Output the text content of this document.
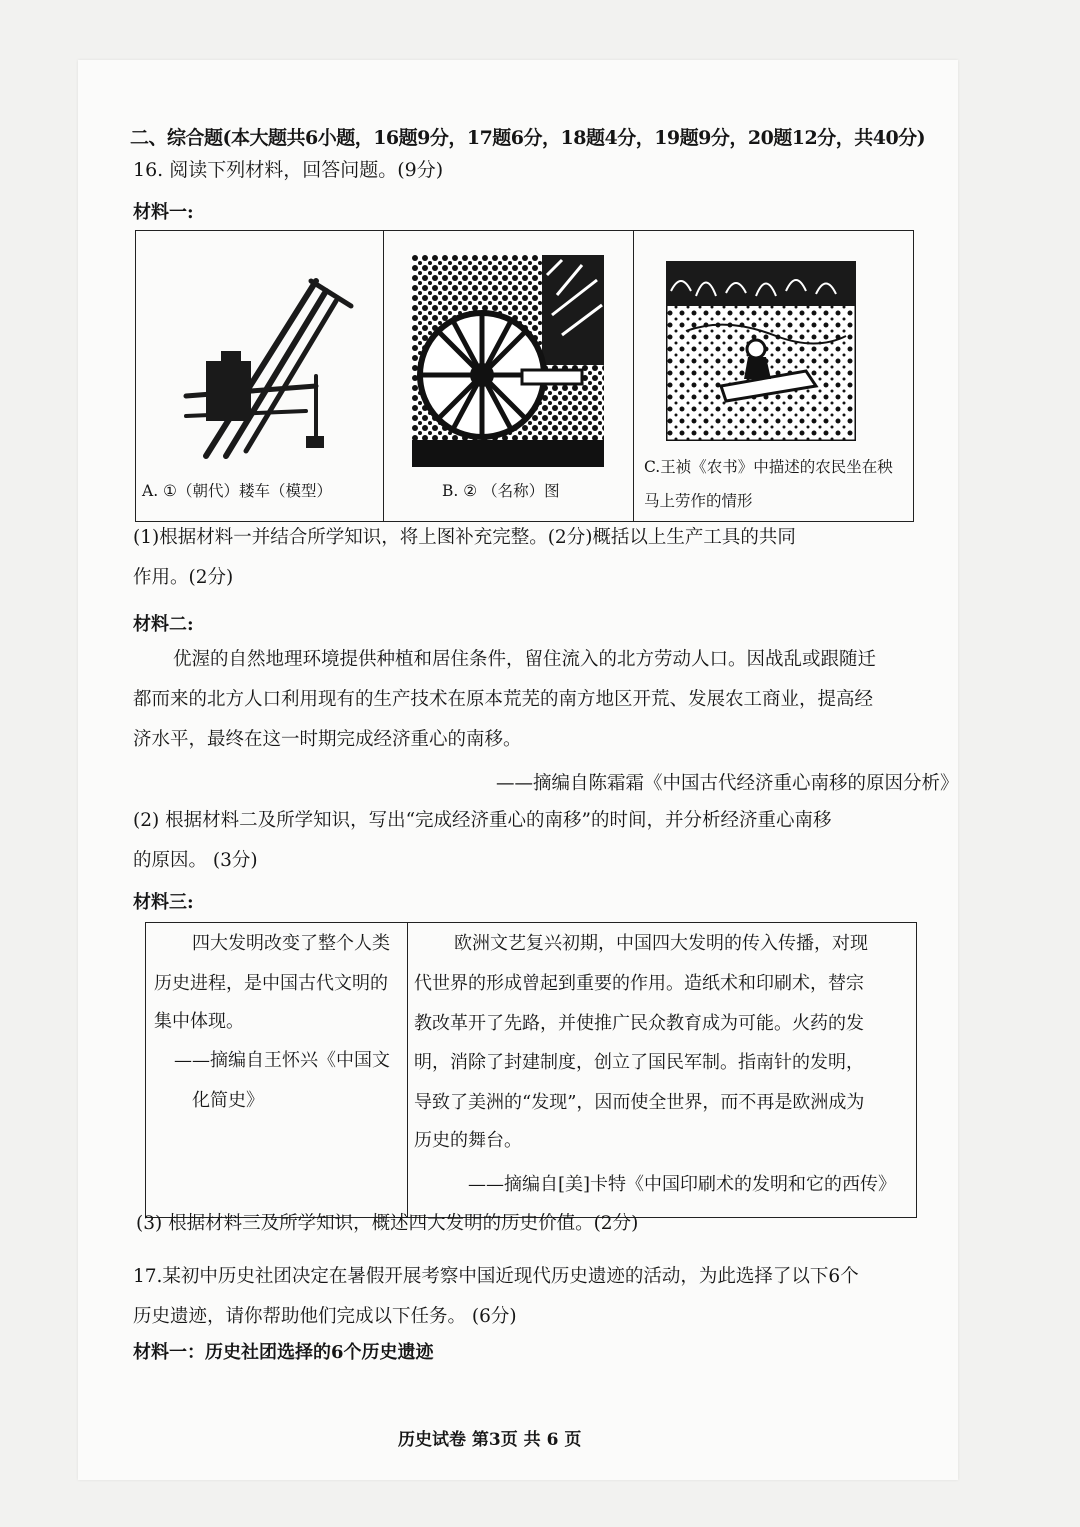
二、综合题(本大题共6小题，16题9分，17题6分，18题4分，19题9分，20题12分，共40分)
16. 阅读下列材料，回答问题。(9分)
材料一:
A. ①（朝代）耧车（模型）	B. ② （名称）图
C.王祯《农书》中描述的农民坐在秧
马上劳作的情形
(1)根据材料一并结合所学知识，将上图补充完整。(2分)概括以上生产工具的共同
作用。(2分)
材料二:
优渥的自然地理环境提供种植和居住条件，留住流入的北方劳动人口。因战乱或跟随迁
都而来的北方人口利用现有的生产技术在原本荒芜的南方地区开荒、发展农工商业，提高经
济水平，最终在这一时期完成经济重心的南移。
——摘编自陈霜霜《中国古代经济重心南移的原因分析》
(2) 根据材料二及所学知识，写出“完成经济重心的南移”的时间，并分析经济重心南移
的原因。 (3分)
材料三:
四大发明改变了整个人类
历史进程，是中国古代文明的
集中体现。
——摘编自王怀兴《中国文
化简史》
欧洲文艺复兴初期，中国四大发明的传入传播，对现
代世界的形成曾起到重要的作用。造纸术和印刷术，替宗
教改革开了先路，并使推广民众教育成为可能。火药的发
明，消除了封建制度，创立了国民军制。指南针的发明，
导致了美洲的“发现”，因而使全世界，而不再是欧洲成为
历史的舞台。
——摘编自[美]卡特《中国印刷术的发明和它的西传》
(3) 根据材料三及所学知识，概述四大发明的历史价值。(2分)
17.某初中历史社团决定在暑假开展考察中国近现代历史遗迹的活动，为此选择了以下6个
历史遗迹，请你帮助他们完成以下任务。 (6分)
材料一：历史社团选择的6个历史遗迹
历史试卷 第3页 共 6 页
